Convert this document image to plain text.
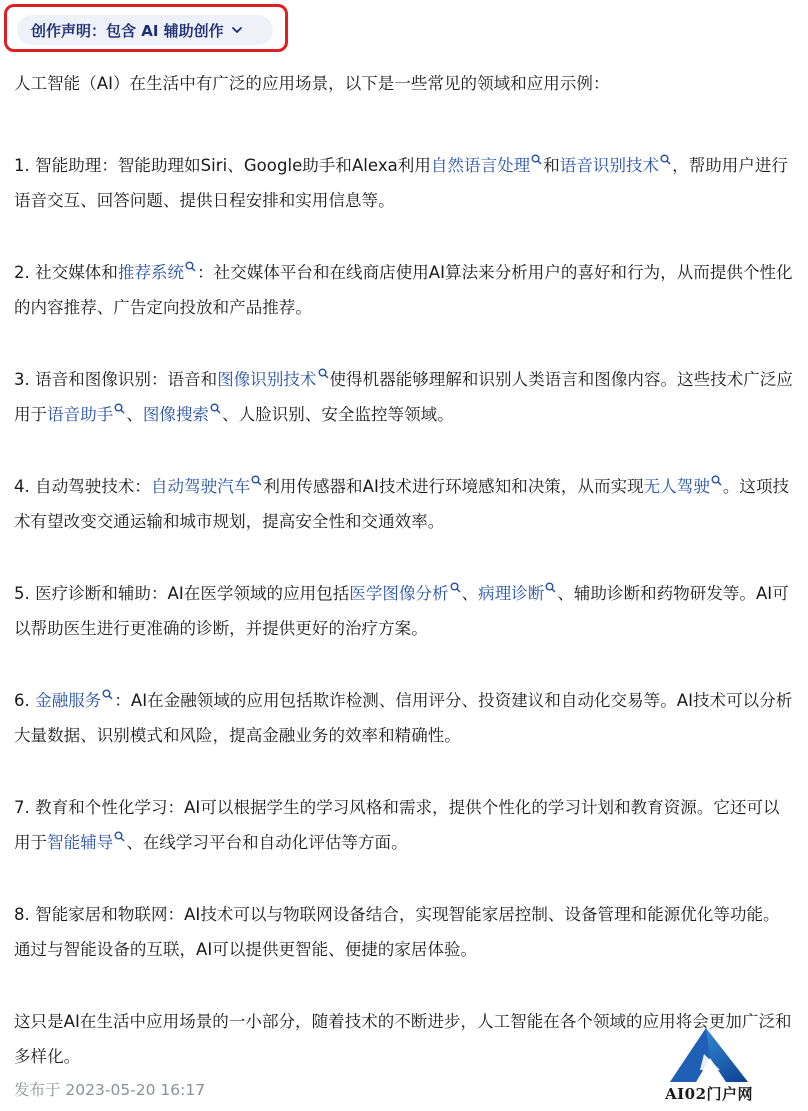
创作声明：包含 AI 辅助创作

人工智能（AI）在生活中有广泛的应用场景，以下是一些常见的领域和应用示例：

1. 智能助理：智能助理如Siri、Google助手和Alexa利用自然语言处理 和语音识别技术 ，帮助用户进行语音交互、回答问题、提供日程安排和实用信息等。

2. 社交媒体和推荐系统 ：社交媒体平台和在线商店使用AI算法来分析用户的喜好和行为，从而提供个性化的内容推荐、广告定向投放和产品推荐。

3. 语音和图像识别：语音和图像识别技术 使得机器能够理解和识别人类语言和图像内容。这些技术广泛应用于语音助手 、图像搜索 、人脸识别、安全监控等领域。

4. 自动驾驶技术：自动驾驶汽车 利用传感器和AI技术进行环境感知和决策，从而实现无人驾驶 。这项技术有望改变交通运输和城市规划，提高安全性和交通效率。

5. 医疗诊断和辅助：AI在医学领域的应用包括医学图像分析 、病理诊断 、辅助诊断和药物研发等。AI可以帮助医生进行更准确的诊断，并提供更好的治疗方案。

6. 金融服务 ：AI在金融领域的应用包括欺诈检测、信用评分、投资建议和自动化交易等。AI技术可以分析大量数据、识别模式和风险，提高金融业务的效率和精确性。

7. 教育和个性化学习：AI可以根据学生的学习风格和需求，提供个性化的学习计划和教育资源。它还可以用于智能辅导 、在线学习平台和自动化评估等方面。

8. 智能家居和物联网：AI技术可以与物联网设备结合，实现智能家居控制、设备管理和能源优化等功能。通过与智能设备的互联，AI可以提供更智能、便捷的家居体验。

这只是AI在生活中应用场景的一小部分，随着技术的不断进步，人工智能在各个领域的应用将会更加广泛和多样化。

发布于 2023-05-20 16:17	AI02门户网
